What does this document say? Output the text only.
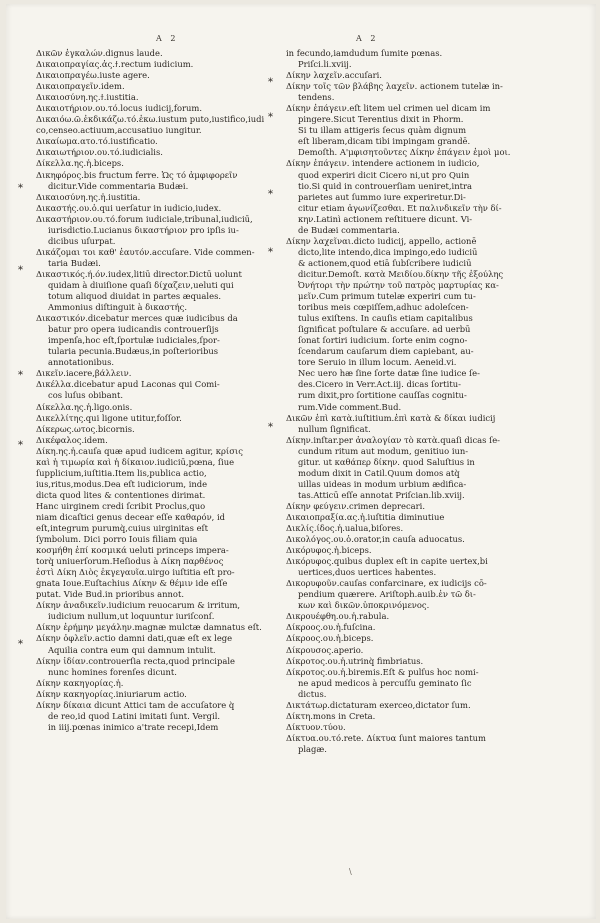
A 2	A 2

Δικῶν ἐγκαλών.dignus laude.

Δικαιοπραγίας.ἀς.ϯ.rectum iudicium.

Δικαιοπραγέω.iuste agere.

Δικαιοπραγεῖν.idem.

Δικαιοσύνη.ης.ϯ.iustitia.

Δικαιοτήριον.ου.τό.locus iudicij,forum.

Δικαιόω.ῶ.ἐκδικάζω.τό.ἐκω.iustum puto,iustifico,iudi

co,censeo.actiuum,accusatiuo iungitur.

Δικαίωμα.ατο.τό.iustificatio.

Δικαιωτήριον.ου.τό.iudicialis.

Δίκελλα.ης.ἡ.biceps.

Δικηφόρος.bis fructum ferre. Ὡς τό ἀμφιφορεῖν

dicitur.Vide commentaria Budæi.

Δικαιοσύνη.ης.ἡ.iustitia.

Δικαστής.ου.ὁ.qui uerſatur in iudicio,iudex.

Δικαστήριον.ου.τό.forum iudiciale,tribunal,iudiciū,

iurisdictio.Lucianus δικαστήριον pro ipſis iu-

dicibus uſurpat.

Δικάζομαι τοι καθ' ἑαυτόν.accuſare. Vide commen-

taria Budæi.

Δικαστικός.ή.όν.iudex,litiū director.Dictū uolunt

quidam à diuiſione quaſi δίχαζειν,ueluti qui

totum aliquod diuidat in partes æquales.

Ammonius diſtinguit à δικαστής.

Δικαστικόν.dicebatur merces quæ iudicibus da

batur pro opera iudicandis controuerſijs

impenſa,hoc eſt,ſportulæ iudiciales,ſpor-

tularia pecunia.Budæus,in poſterioribus

annotationibus.

Δικεῖν.iacere,βάλλειν.

Δικέλλα.dicebatur apud Laconas qui Comi-

cos luſus obibant.

Δίκελλα.ης.ἡ.ligo.onis.

Δικελλίτης.qui ligone utitur,foſſor.

Δίκερως.ωτος.bicornis.

Δικέφαλος.idem.

Δίκη.ης.ἡ.cauſa quæ apud iudicem agitur, κρίσις

καὶ ἡ τιμωρία καὶ ἡ δίκαιον.iudiciū,pœna, ſiue

ſupplicium,iuſtitia.Item lis,publica actio,

ius,ritus,modus.Dea eſt iudiciorum, inde

dicta quod lites & contentiones dirimat.

Hanc uirginem credi ſcribit Proclus,quo

niam dicaſtici genus decear eſſe καθαρόν, id

eſt,integrum purumq̀,cuius uirginitas eſt

ſymbolum. Dici porro Iouis filiam quia

κοσμήθη ἐπί κοσμικά ueluti princeps impera-

torq̀ uniuerſorum.Heſiodus à Δίκη παρθένος

ἐστὶ Δίκη Διὸς ἐκγεγαυῖα.uirgo iuſtitia eſt pro-

gnata Ioue.Euſtachius Δίκην & θέμιν ide eſſe

putat. Vide Bud.in prioribus annot.

Δίκην ἀναδικεῖν.iudicium reuocarum & irritum,

iudicium nullum,ut loquuntur iuriſconſ.

Δίκην ἐρήμην μεγάλην.magnæ mulctæ damnatus eſt.

Δίκην ὀφλεῖν.actio damni dati,quæ eſt ex lege

Aquilia contra eum qui damnum intulit.

Δίκην ἰδίαν.controuerſia recta,quod principale

nunc homines forenſes dicunt.

Δίκην κακηγορίας.ἡ.

Δίκην κακηγορίας.iniuriarum actio.

Δίκην δίκαια dicunt Attici tam de accuſatore q̀

de reo,id quod Latini imitati ſunt. Vergil.

in iiij.pœnas inimico a'trate recepi,Idem

in fecundo,iamdudum ſumite pœnas.

Priſci.li.xviij.

Δίκην λαχεῖν.accuſari.

Δίκην τοῖς τῶν βλάβης λαχεῖν. actionem tutelæ in-

tendens.

Δίκην ἐπάγειν.eſt litem uel crimen uel dicam im

pingere.Sicut Terentius dixit in Phorm.

Si tu illam attigeris ſecus quàm dignum

eſt liberam,dicam tibi impingam grandē.

Demoſth. A'μφισητοῦντες Δίκην ἐπάγειν ἐμοὶ μοι.

Δίκην ἐπάγειν. intendere actionem in iudicio,

quod experiri dicit Cicero ni,ut pro Quin

tio.Si quid in controuerſiam ueniret,intra

parietes aut ſummo iure experiretur.Di-

citur etiam ἀγωνίζεσθαι. Et παλινδικεῖν τὴν δί-

κην.Latinì actionem reſtituere dicunt. Vi-

de Budæi commentaria.

Δίκην λαχεῖναι.dicto iudicij, appello, actionē

dicto,lite intendo,dica impingo,edo iudiciū

& actionem,quod etiā ſubſcribere iudiciū

dicitur.Demoſt. κατὰ Μειδίου.δίκην τῆς ἐξούλης

Ὀνήτορι τὴν πρώτην τοῦ πατρὸς μαρτυρίας κα-

μεῖν.Cum primum tutelæ experiri cum tu-

toribus meis cœpiſſem,adhuc adoleſcen-

tulus exiſtens. In cauſis etiam capitalibus

ſignificat poſtulare & accuſare. ad uerbū

ſonat ſortiri iudicium. ſorte enim cogno-

ſcendarum cauſarum diem capiebant, au-

tore Seruio in illum locum. Aeneid.vi.

Nec uero hæ ſine ſorte datæ ſine iudice ſe-

des.Cicero in Verr.Act.iij. dicas ſortitu-

rum dixit,pro ſortitione cauſſas cognitu-

rum.Vide comment.Bud.

Δικῶν ἐπὶ κατὰ.iuſtitium.ἐπὶ κατὰ & δίκαι iudicij

nullum ſignificat.

Δίκην.inſtar.per ἀναλογίαν τὸ κατὰ.quaſi dicas ſe-

cundum ritum aut modum, genitiuo iun-

gitur. ut καθάπερ δίκην. quod Saluſtius in

modum dixit in Catil.Quum domos atq̀

uillas uideas in modum urbium ædifica-

tas.Atticū eſſe annotat Priſcian.lib.xviij.

Δίκην φεύγειν.crimen deprecari.

Δικαιοπραξία.ας.ἡ.iuſtitia diminutiue

Δικλίς.ίδος.ἡ.ualua,biſores.

Δικολόγος.ου.ὁ.orator,in cauſa aduocatus.

Δικόρυφος.ἡ.biceps.

Δικόρυφος.quibus duplex eſt in capite uertex,bi

uertices,duos uertices habentes.

Δικορυφοῦν.cauſas confarcinare, ex iudicijs cō-

pendium quærere. Ariſtoph.auib.ἐν τῶ δι-

κων καὶ δικῶν.ὑποκρινόμενος.

Δικρουέφθη.ου.ἡ.rabula.

Δίκροος.ου.ἡ.fuſcina.

Δίκροος.ου.ἡ.biceps.

Δίκρουσος.aperio.

Δίκροτος.ου.ἡ.utrinq̀ fimbriatus.

Δίκροτος.ου.ἡ.biremis.Eſt & pulſus hoc nomi-

ne apud medicos à percuſſu geminato ſic

dictus.

Δικτάτωρ.dictaturam exerceo,dictator ſum.

Δίκτη.mons in Creta.

Δίκτυον.τύου.

Δίκτυα.ου.τό.rete. Δίκτυα ſunt maiores tantum

plagæ.

*
*
*
*
*
*
*
*
*
*
\
